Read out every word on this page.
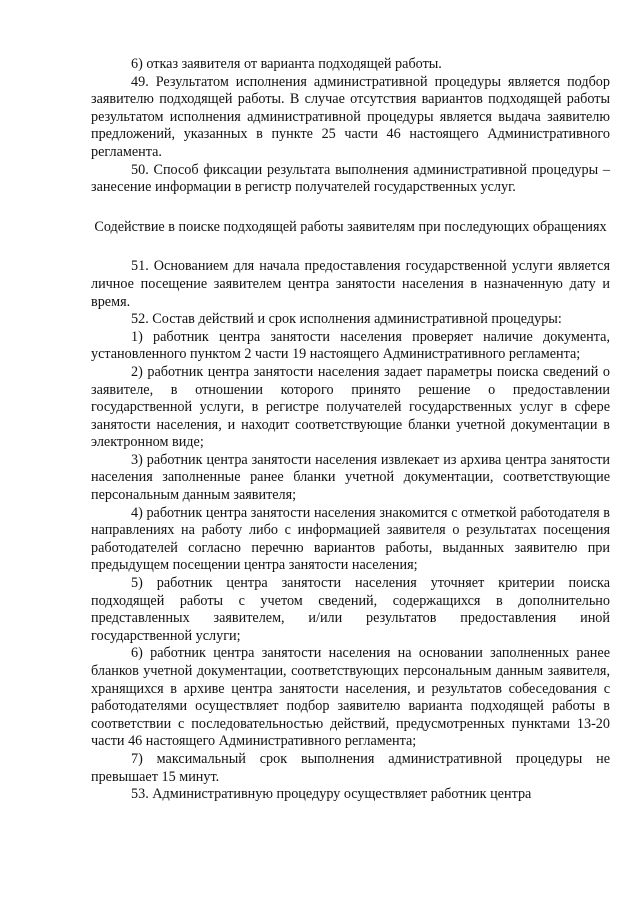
6) отказ заявителя от варианта подходящей работы.

49. Результатом исполнения административной процедуры является подбор заявителю подходящей работы. В случае отсутствия вариантов подходящей работы результатом исполнения административной процедуры является выдача заявителю предложений, указанных в пункте 25 части 46 настоящего Административного регламента.

50. Способ фиксации результата выполнения административной процедуры – занесение информации в регистр получателей государственных услуг.

Содействие в поиске подходящей работы заявителям при последующих обращениях

51. Основанием для начала предоставления государственной услуги является личное посещение заявителем центра занятости населения в назначенную дату и время.

52. Состав действий и срок исполнения административной процедуры:

1) работник центра занятости населения проверяет наличие документа, установленного пунктом 2 части 19 настоящего Административного регламента;

2) работник центра занятости населения задает параметры поиска сведений о заявителе, в отношении которого принято решение о предоставлении государственной услуги, в регистре получателей государственных услуг в сфере занятости населения, и находит соответствующие бланки учетной документации в электронном виде;

3) работник центра занятости населения извлекает из архива центра занятости населения заполненные ранее бланки учетной документации, соответствующие персональным данным заявителя;

4) работник центра занятости населения знакомится с отметкой работодателя в направлениях на работу либо с информацией заявителя о результатах посещения работодателей согласно перечню вариантов работы, выданных заявителю при предыдущем посещении центра занятости населения;

5) работник центра занятости населения уточняет критерии поиска подходящей работы с учетом сведений, содержащихся в дополнительно представленных заявителем, и/или результатов предоставления иной государственной услуги;

6) работник центра занятости населения на основании заполненных ранее бланков учетной документации, соответствующих персональным данным заявителя, хранящихся в архиве центра занятости населения, и результатов собеседования с работодателями осуществляет подбор заявителю варианта подходящей работы в соответствии с последовательностью действий, предусмотренных пунктами 13-20 части 46 настоящего Административного регламента;

7) максимальный срок выполнения административной процедуры не превышает 15 минут.

53. Административную процедуру осуществляет работник центра
